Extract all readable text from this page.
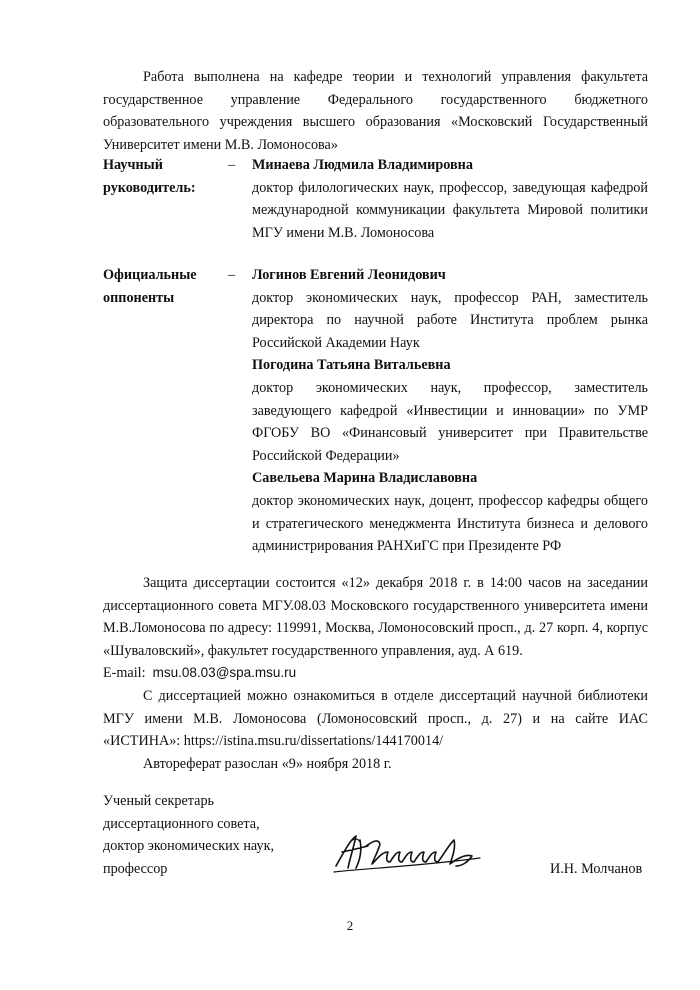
Работа выполнена на кафедре теории и технологий управления факультета государственное управление Федерального государственного бюджетного образовательного учреждения высшего образования «Московский Государственный Университет имени М.В. Ломоносова»
Научный
руководитель:
– Минаева Людмила Владимировна
доктор филологических наук, профессор, заведующая кафедрой международной коммуникации факультета Мировой политики МГУ имени М.В. Ломоносова
Официальные
оппоненты
– Логинов Евгений Леонидович
доктор экономических наук, профессор РАН, заместитель директора по научной работе Института проблем рынка Российской Академии Наук
Погодина Татьяна Витальевна
доктор экономических наук, профессор, заместитель заведующего кафедрой «Инвестиции и инновации» по УМР ФГОБУ ВО «Финансовый университет при Правительстве Российской Федерации»
Савельева Марина Владиславовна
доктор экономических наук, доцент, профессор кафедры общего и стратегического менеджмента Института бизнеса и делового администрирования РАНХиГС при Президенте РФ
Защита диссертации состоится «12» декабря 2018 г. в 14:00 часов на заседании диссертационного совета МГУ.08.03 Московского государственного университета имени М.В.Ломоносова по адресу: 119991, Москва, Ломоносовский просп., д. 27 корп. 4, корпус «Шуваловский», факультет государственного управления, ауд. А 619.
E-mail: msu.08.03@spa.msu.ru
С диссертацией можно ознакомиться в отделе диссертаций научной библиотеки МГУ имени М.В. Ломоносова (Ломоносовский просп., д. 27) и на сайте ИАС «ИСТИНА»: https://istina.msu.ru/dissertations/144170014/
Автореферат разослан «9» ноября 2018 г.
Ученый секретарь
диссертационного совета,
доктор экономических наук,
профессор	И.Н. Молчанов
2
